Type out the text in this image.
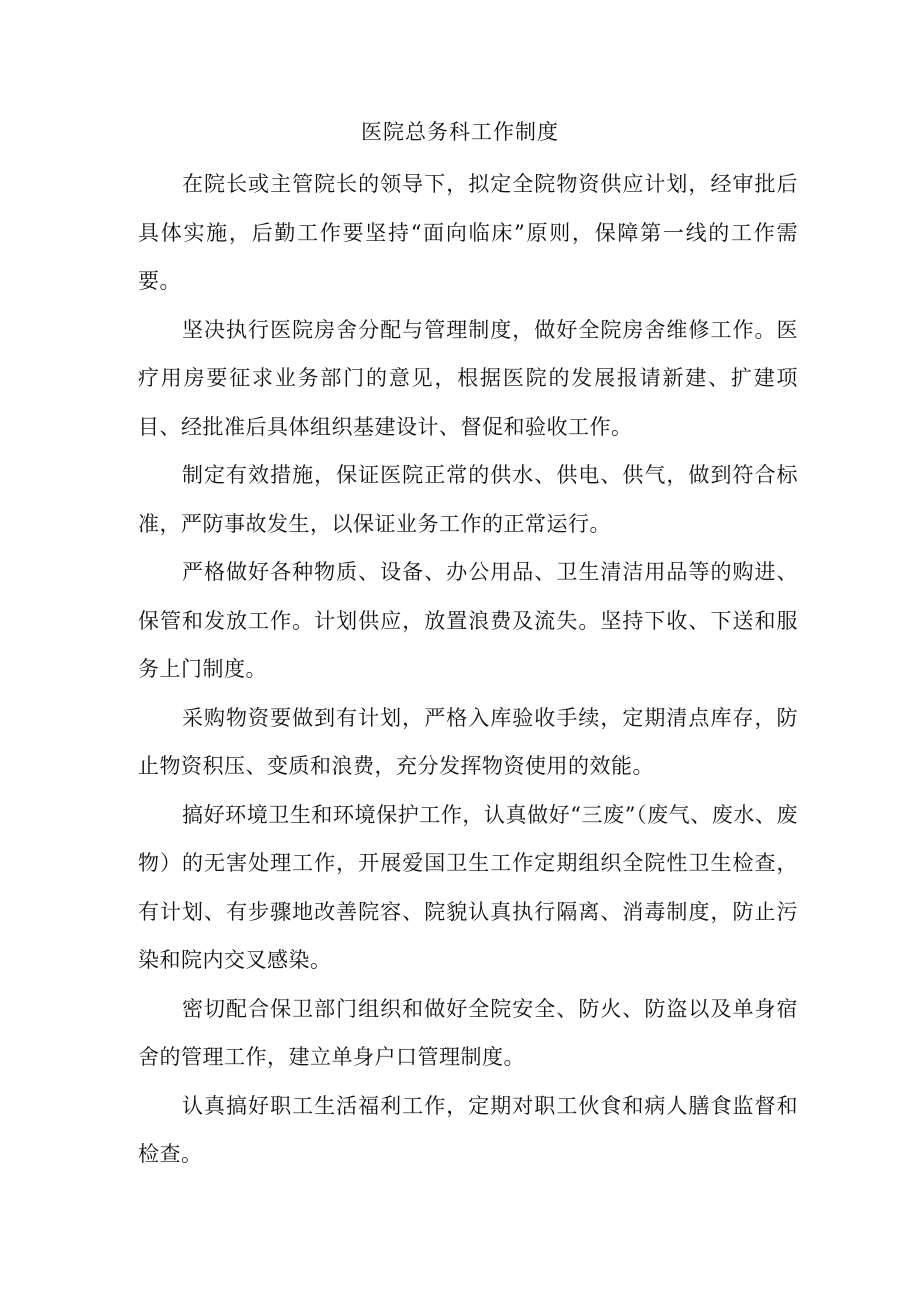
医院总务科工作制度

在院长或主管院长的领导下，拟定全院物资供应计划，经审批后具体实施，后勤工作要坚持“面向临床”原则，保障第一线的工作需要。

坚决执行医院房舍分配与管理制度，做好全院房舍维修工作。医疗用房要征求业务部门的意见，根据医院的发展报请新建、扩建项目、经批准后具体组织基建设计、督促和验收工作。

制定有效措施，保证医院正常的供水、供电、供气，做到符合标准，严防事故发生，以保证业务工作的正常运行。

严格做好各种物质、设备、办公用品、卫生清洁用品等的购进、保管和发放工作。计划供应，放置浪费及流失。坚持下收、下送和服务上门制度。

采购物资要做到有计划，严格入库验收手续，定期清点库存，防止物资积压、变质和浪费，充分发挥物资使用的效能。

搞好环境卫生和环境保护工作，认真做好“三废”（废气、废水、废物）的无害处理工作，开展爱国卫生工作定期组织全院性卫生检查，有计划、有步骤地改善院容、院貌认真执行隔离、消毒制度，防止污染和院内交叉感染。

密切配合保卫部门组织和做好全院安全、防火、防盗以及单身宿舍的管理工作，建立单身户口管理制度。

认真搞好职工生活福利工作，定期对职工伙食和病人膳食监督和检查。
